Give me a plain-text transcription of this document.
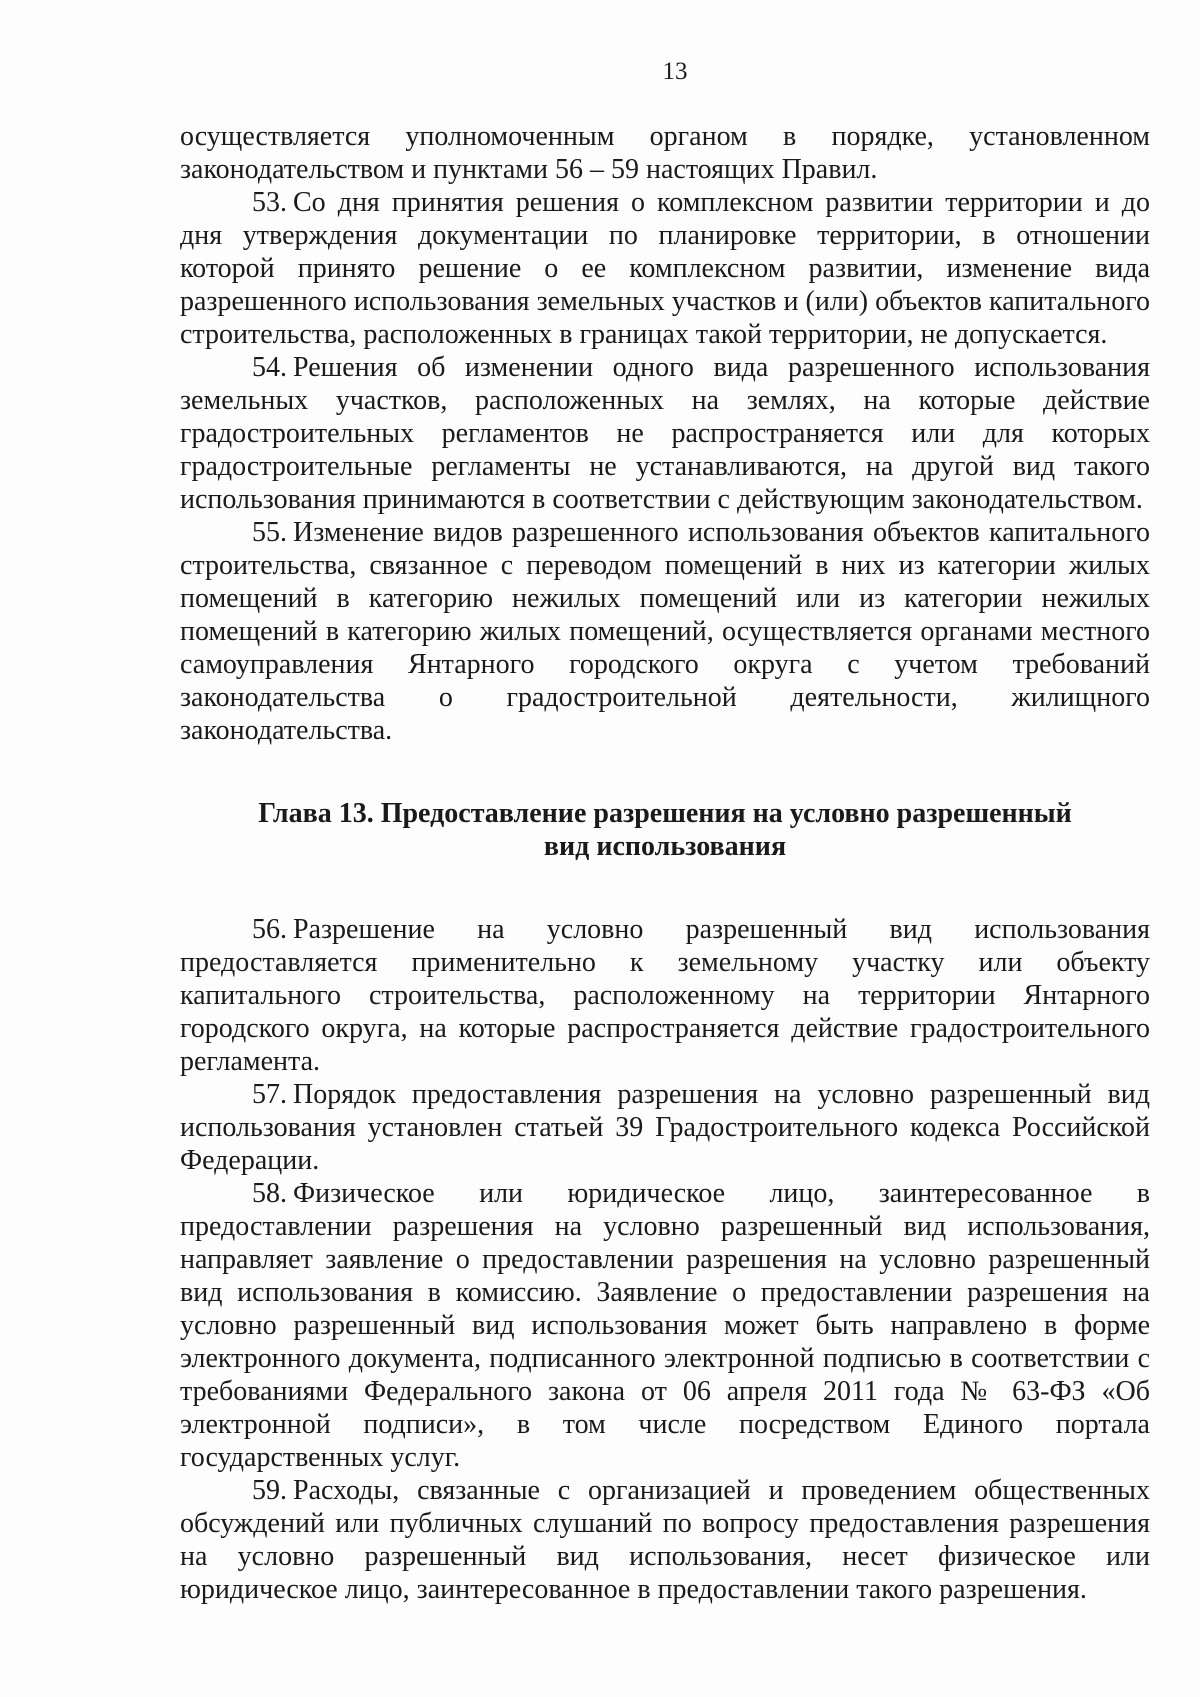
13

осуществляется уполномоченным органом в порядке, установленном законодательством и пунктами 56 – 59 настоящих Правил.

53. Со дня принятия решения о комплексном развитии территории и до дня утверждения документации по планировке территории, в отношении которой принято решение о ее комплексном развитии, изменение вида разрешенного использования земельных участков и (или) объектов капитального строительства, расположенных в границах такой территории, не допускается.

54. Решения об изменении одного вида разрешенного использования земельных участков, расположенных на землях, на которые действие градостроительных регламентов не распространяется или для которых градостроительные регламенты не устанавливаются, на другой вид такого использования принимаются в соответствии с действующим законодательством.

55. Изменение видов разрешенного использования объектов капитального строительства, связанное с переводом помещений в них из категории жилых помещений в категорию нежилых помещений или из категории нежилых помещений в категорию жилых помещений, осуществляется органами местного самоуправления Янтарного городского округа с учетом требований законодательства о градостроительной деятельности, жилищного законодательства.

Глава 13. Предоставление разрешения на условно разрешенный
вид использования

56. Разрешение на условно разрешенный вид использования предоставляется применительно к земельному участку или объекту капитального строительства, расположенному на территории Янтарного городского округа, на которые распространяется действие градостроительного регламента.

57. Порядок предоставления разрешения на условно разрешенный вид использования установлен статьей 39 Градостроительного кодекса Российской Федерации.

58. Физическое или юридическое лицо, заинтересованное в предоставлении разрешения на условно разрешенный вид использования, направляет заявление о предоставлении разрешения на условно разрешенный вид использования в комиссию. Заявление о предоставлении разрешения на условно разрешенный вид использования может быть направлено в форме электронного документа, подписанного электронной подписью в соответствии с требованиями Федерального закона от 06 апреля 2011 года № 63-ФЗ «Об электронной подписи», в том числе посредством Единого портала государственных услуг.

59. Расходы, связанные с организацией и проведением общественных обсуждений или публичных слушаний по вопросу предоставления разрешения на условно разрешенный вид использования, несет физическое или юридическое лицо, заинтересованное в предоставлении такого разрешения.
